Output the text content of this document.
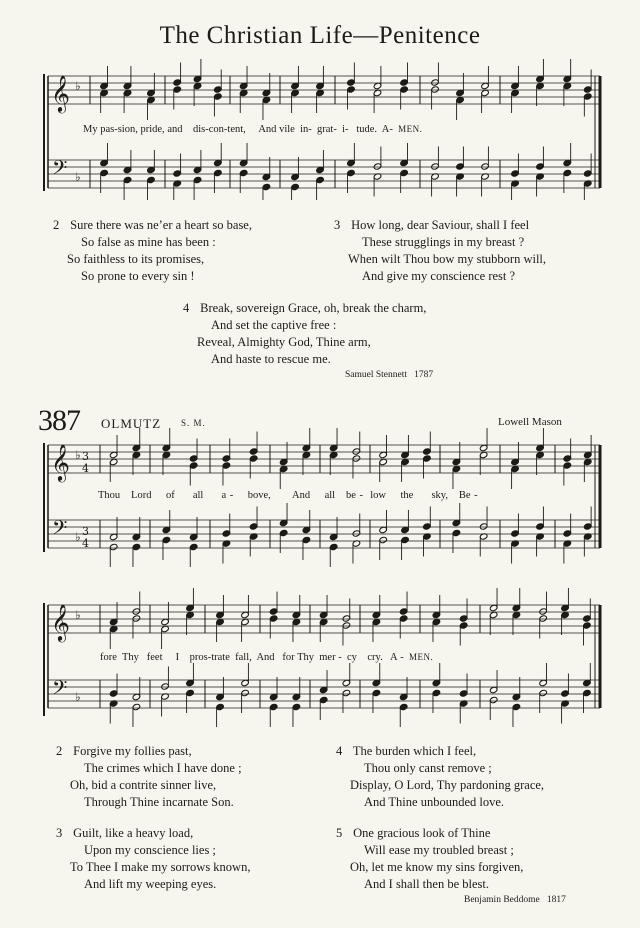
The Christian Life—Penitence
𝄞
𝄢
♭
♭
My pas-sion, pride, and dis-con-tent, And vile in- grat- i- tude. A- MEN.
2 Sure there was ne’er a heart so base,
So false as mine has been :
So faithless to its promises,
So prone to every sin !
3 How long, dear Saviour, shall I feel
These strugglings in my breast ?
When wilt Thou bow my stubborn will,
And give my conscience rest ?
4 Break, sovereign Grace, oh, break the charm,
And set the captive free :
Reveal, Almighty God, Thine arm,
And haste to rescue me.
Samuel Stennett 1787
387 OLMUTZ S. M.	Lowell Mason
𝄞
𝄢
♭
♭
3
4
3
4
𝄞
𝄢
♭
♭
Thou Lord of all a - bove, And all be - low the sky, Be -
fore Thy feet I pros-trate fall, And for Thy mer - cy cry. A - MEN.
2 Forgive my follies past,
The crimes which I have done ;
Oh, bid a contrite sinner live,
Through Thine incarnate Son.
3 Guilt, like a heavy load,
Upon my conscience lies ;
To Thee I make my sorrows known,
And lift my weeping eyes.
4 The burden which I feel,
Thou only canst remove ;
Display, O Lord, Thy pardoning grace,
And Thine unbounded love.
5 One gracious look of Thine
Will ease my troubled breast ;
Oh, let me know my sins forgiven,
And I shall then be blest.
Benjamin Beddome 1817
